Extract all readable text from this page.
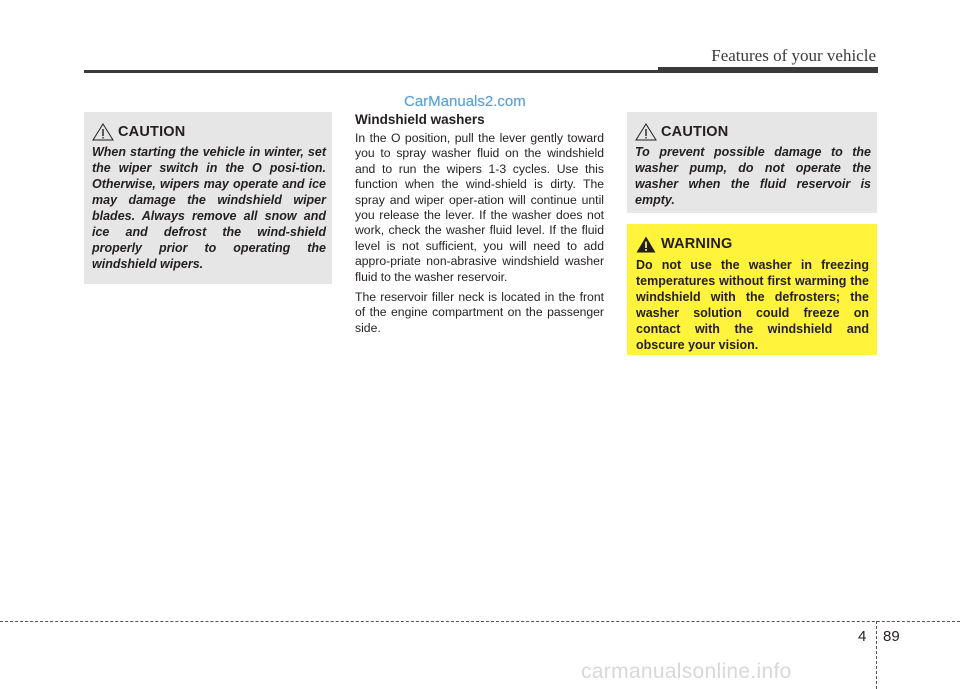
Features of your vehicle
CarManuals2.com
CAUTION
When starting the vehicle in winter, set the wiper switch in the O posi-tion. Otherwise, wipers may operate and ice may damage the windshield wiper blades. Always remove all snow and ice and defrost the wind-shield properly prior to operating the windshield wipers.
Windshield washers

In the O position, pull the lever gently toward you to spray washer fluid on the windshield and to run the wipers 1-3 cycles. Use this function when the wind-shield is dirty. The spray and wiper oper-ation will continue until you release the lever. If the washer does not work, check the washer fluid level. If the fluid level is not sufficient, you will need to add appro-priate non-abrasive windshield washer fluid to the washer reservoir.

The reservoir filler neck is located in the front of the engine compartment on the passenger side.

CAUTION
To prevent possible damage to the washer pump, do not operate the washer when the fluid reservoir is empty.
WARNING
Do not use the washer in freezing temperatures without first warming the windshield with the defrosters; the washer solution could freeze on contact with the windshield and obscure your vision.
4 89
carmanualsonline.info
